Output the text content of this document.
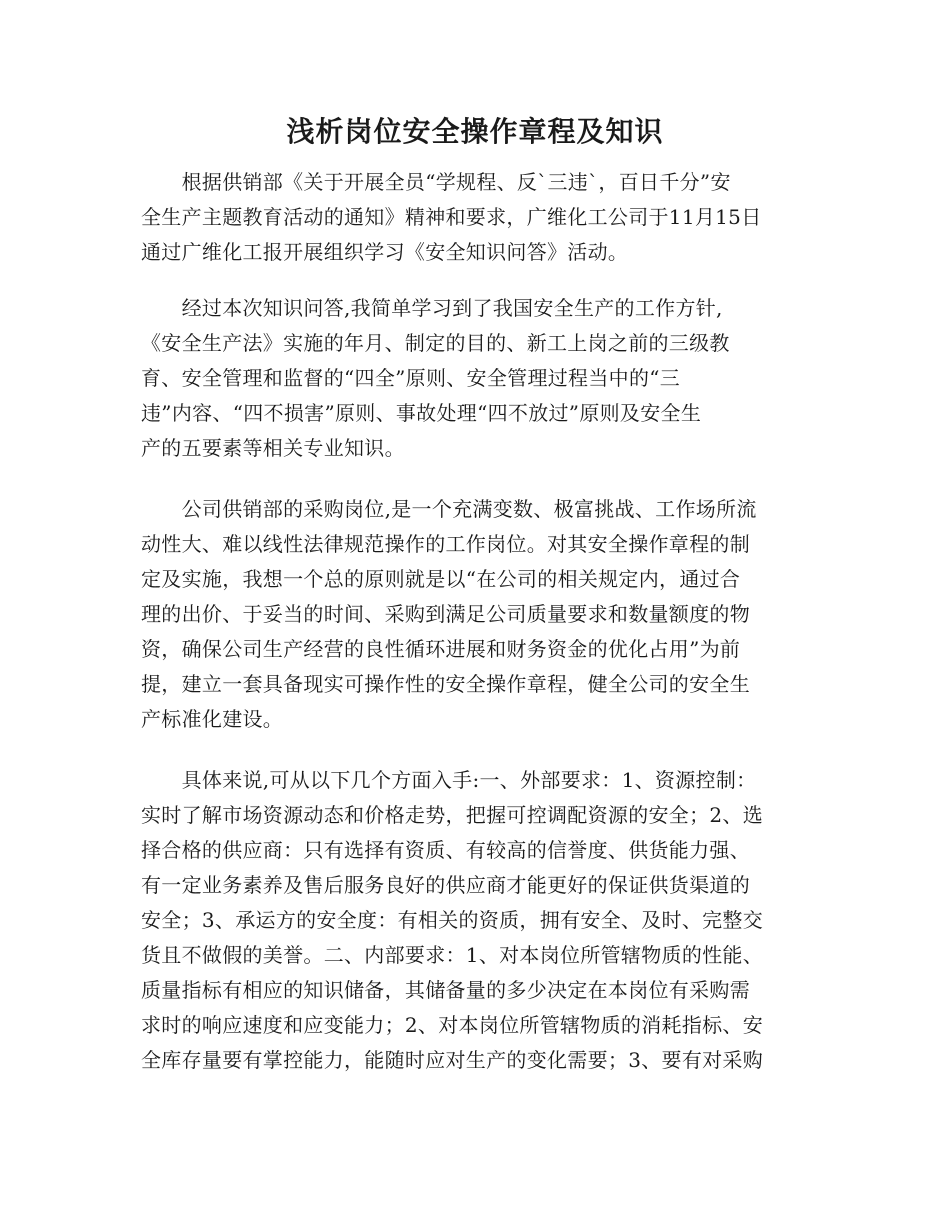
浅析岗位安全操作章程及知识
　　根据供销部《关于开展全员“学规程、反`三违`，百日千分”安
全生产主题教育活动的通知》精神和要求，广维化工公司于11月15日
通过广维化工报开展组织学习《安全知识问答》活动。
　　经过本次知识问答,我简单学习到了我国安全生产的工作方针,
《安全生产法》实施的年月、制定的目的、新工上岗之前的三级教
育、安全管理和监督的“四全”原则、安全管理过程当中的“三
违”内容、“四不损害”原则、事故处理“四不放过”原则及安全生
产的五要素等相关专业知识。
　　公司供销部的采购岗位,是一个充满变数、极富挑战、工作场所流
动性大、难以线性法律规范操作的工作岗位。对其安全操作章程的制
定及实施，我想一个总的原则就是以“在公司的相关规定内，通过合
理的出价、于妥当的时间、采购到满足公司质量要求和数量额度的物
资，确保公司生产经营的良性循环进展和财务资金的优化占用”为前
提，建立一套具备现实可操作性的安全操作章程，健全公司的安全生
产标准化建设。
　　具体来说,可从以下几个方面入手:一、外部要求：1、资源控制：
实时了解市场资源动态和价格走势，把握可控调配资源的安全；2、选
择合格的供应商：只有选择有资质、有较高的信誉度、供货能力强、
有一定业务素养及售后服务良好的供应商才能更好的保证供货渠道的
安全；3、承运方的安全度：有相关的资质，拥有安全、及时、完整交
货且不做假的美誉。二、内部要求：1、对本岗位所管辖物质的性能、
质量指标有相应的知识储备，其储备量的多少决定在本岗位有采购需
求时的响应速度和应变能力；2、对本岗位所管辖物质的消耗指标、安
全库存量要有掌控能力，能随时应对生产的变化需要；3、要有对采购
